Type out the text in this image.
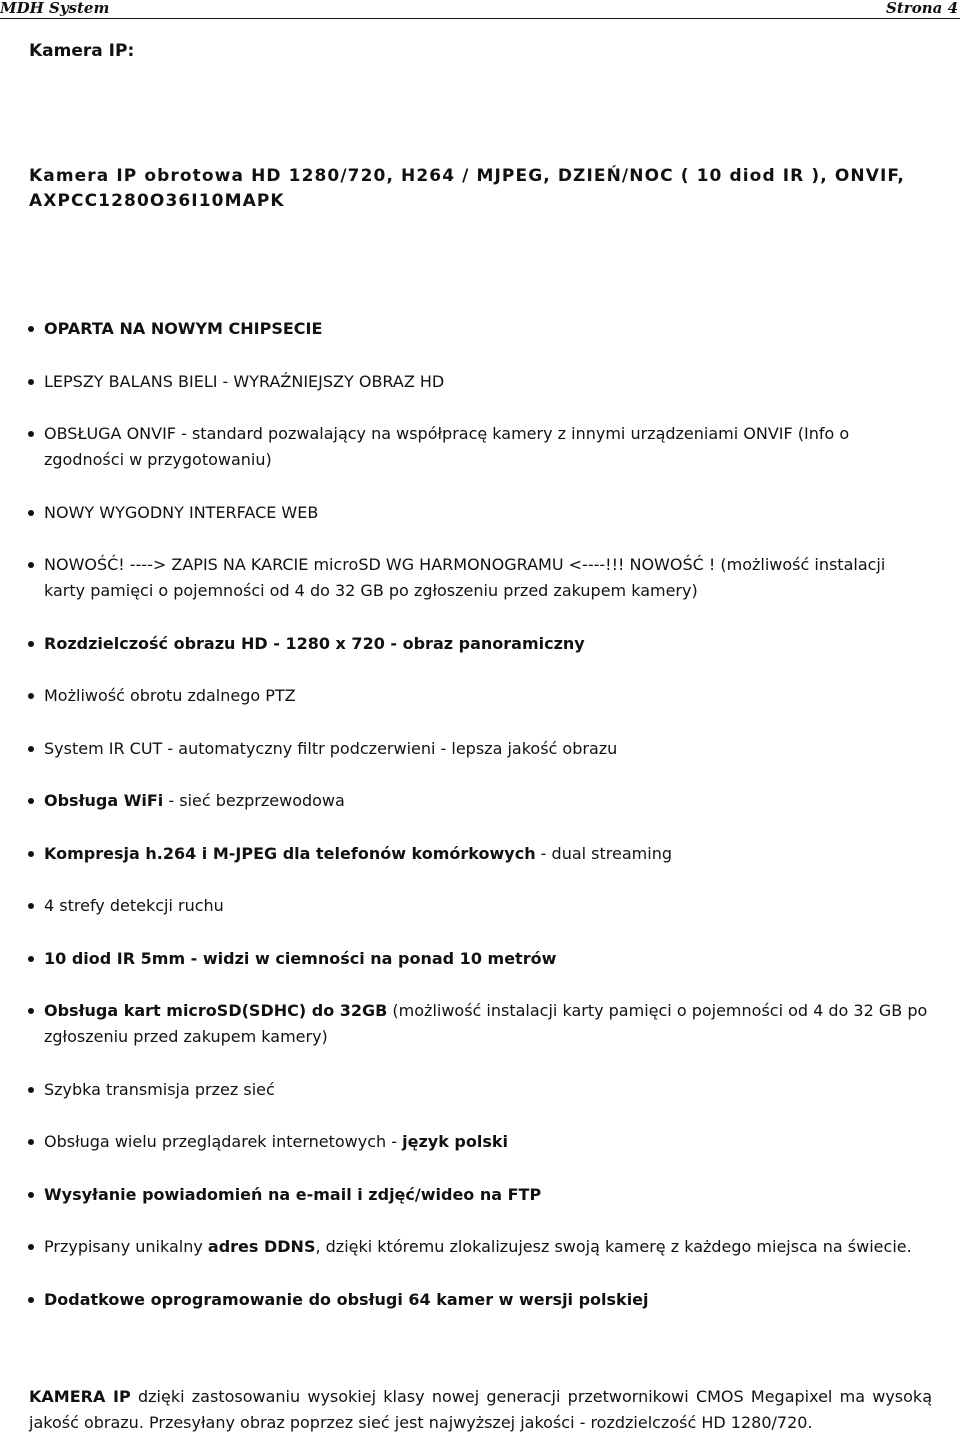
MDH System	Strona 4
Kamera IP:
Kamera IP obrotowa HD 1280/720, H264 / MJPEG, DZIEŃ/NOC ( 10 diod IR ), ONVIF, AXPCC1280O36I10MAPK
OPARTA NA NOWYM CHIPSECIE
LEPSZY BALANS BIELI - WYRAŹNIEJSZY OBRAZ HD
OBSŁUGA ONVIF - standard pozwalający na współpracę kamery z innymi urządzeniami ONVIF (Info o zgodności w przygotowaniu)
NOWY WYGODNY INTERFACE WEB
NOWOŚĆ! ----> ZAPIS NA KARCIE microSD WG HARMONOGRAMU <----!!! NOWOŚĆ ! (możliwość instalacji karty pamięci o pojemności od 4 do 32 GB po zgłoszeniu przed zakupem kamery)
Rozdzielczość obrazu HD - 1280 x 720 - obraz panoramiczny
Możliwość obrotu zdalnego PTZ
System IR CUT - automatyczny filtr podczerwieni - lepsza jakość obrazu
Obsługa WiFi - sieć bezprzewodowa
Kompresja h.264 i M-JPEG dla telefonów komórkowych - dual streaming
4 strefy detekcji ruchu
10 diod IR 5mm - widzi w ciemności na ponad 10 metrów
Obsługa kart microSD(SDHC) do 32GB (możliwość instalacji karty pamięci o pojemności od 4 do 32 GB po zgłoszeniu przed zakupem kamery)
Szybka transmisja przez sieć
Obsługa wielu przeglądarek internetowych - język polski
Wysyłanie powiadomień na e-mail i zdjęć/wideo na FTP
Przypisany unikalny adres DDNS, dzięki któremu zlokalizujesz swoją kamerę z każdego miejsca na świecie.
Dodatkowe oprogramowanie do obsługi 64 kamer w wersji polskiej

KAMERA IP dzięki zastosowaniu wysokiej klasy nowej generacji przetwornikowi CMOS Megapixel ma wysoką jakość obrazu. Przesyłany obraz poprzez sieć jest najwyższej jakości - rozdzielczość HD 1280/720.
